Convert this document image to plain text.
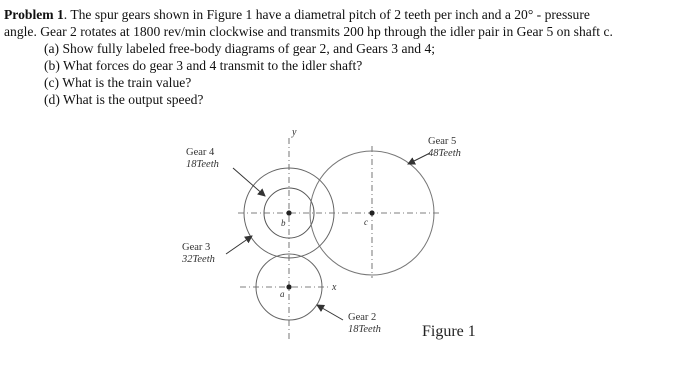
Problem 1. The spur gears shown in Figure 1 have a diametral pitch of 2 teeth per inch and a 20° - pressure

angle. Gear 2 rotates at 1800 rev/min clockwise and transmits 200 hp through the idler pair in Gear 5 on shaft c.

(a) Show fully labeled free-body diagrams of gear 2, and Gears 3 and 4;

(b) What forces do gear 3 and 4 transmit to the idler shaft?

(c) What is the train value?

(d) What is the output speed?

y
x
b	c
a
Gear 4
18Teeth
Gear 3
32Teeth
Gear 5
48Teeth
Gear 2
18Teeth	Figure 1
